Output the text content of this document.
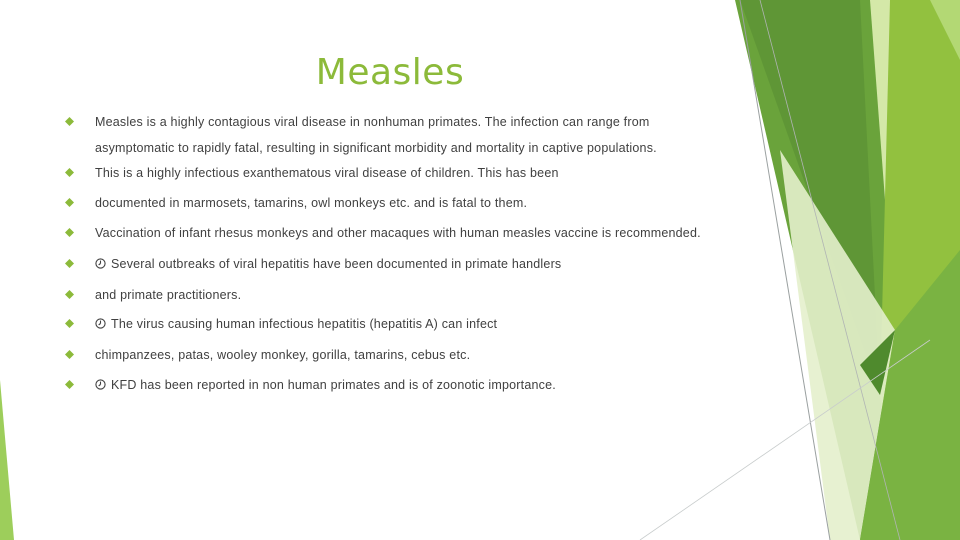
Measles
Measles is a highly contagious viral disease in nonhuman primates. The infection can range from
asymptomatic to rapidly fatal, resulting in significant morbidity and mortality in captive populations.
This is a highly infectious exanthematous viral disease of children. This has been
documented in marmosets, tamarins, owl monkeys etc. and is fatal to them.
Vaccination of infant rhesus monkeys and other macaques with human measles vaccine is recommended.
Several outbreaks of viral hepatitis have been documented in primate handlers
and primate practitioners.
The virus causing human infectious hepatitis (hepatitis A) can infect
chimpanzees, patas, wooley monkey, gorilla, tamarins, cebus etc.
KFD has been reported in non human primates and is of zoonotic importance.
